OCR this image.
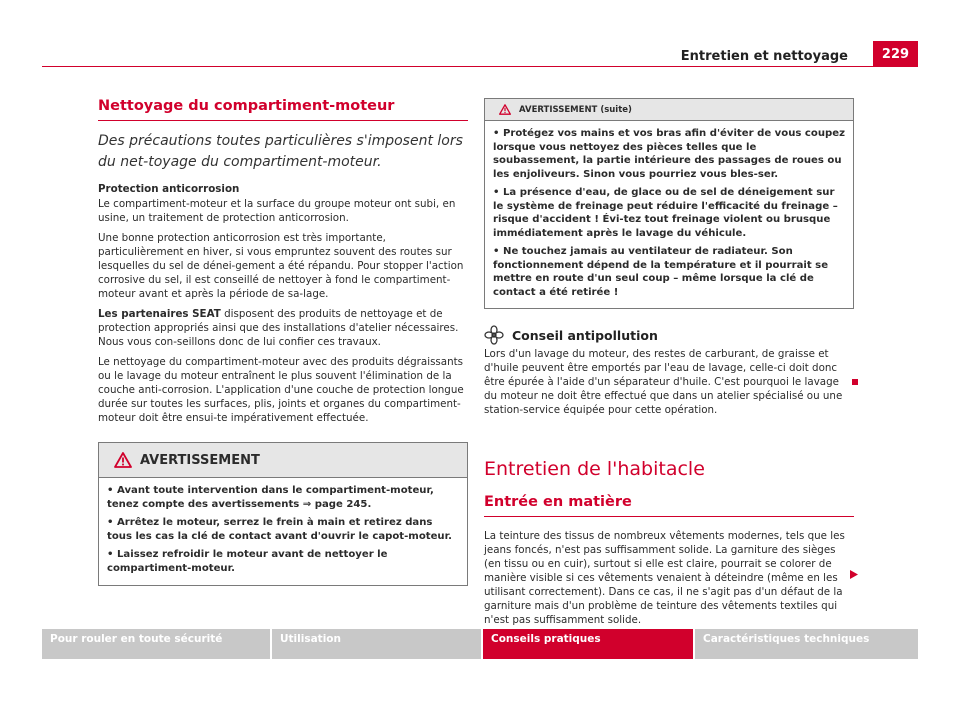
Entretien et nettoyage	229
Nettoyage du compartiment-moteur

Des précautions toutes particulières s'imposent lors du net-toyage du compartiment-moteur.

Protection anticorrosion

Le compartiment-moteur et la surface du groupe moteur ont subi, en usine, un traitement de protection anticorrosion.

Une bonne protection anticorrosion est très importante, particulièrement en hiver, si vous empruntez souvent des routes sur lesquelles du sel de dénei-gement a été répandu. Pour stopper l'action corrosive du sel, il est conseillé de nettoyer à fond le compartiment-moteur avant et après la période de sa-lage.

Les partenaires SEAT disposent des produits de nettoyage et de protection appropriés ainsi que des installations d'atelier nécessaires. Nous vous con-seillons donc de lui confier ces travaux.

Le nettoyage du compartiment-moteur avec des produits dégraissants ou le lavage du moteur entraînent le plus souvent l'élimination de la couche anti-corrosion. L'application d'une couche de protection longue durée sur toutes les surfaces, plis, joints et organes du compartiment-moteur doit être ensui-te impérativement effectuée.

AVERTISSEMENT
• Avant toute intervention dans le compartiment-moteur, tenez compte des avertissements ⇒ page 245.
• Arrêtez le moteur, serrez le frein à main et retirez dans tous les cas la clé de contact avant d'ouvrir le capot-moteur.
• Laissez refroidir le moteur avant de nettoyer le compartiment-moteur.
AVERTISSEMENT (suite)
• Protégez vos mains et vos bras afin d'éviter de vous coupez lorsque vous nettoyez des pièces telles que le soubassement, la partie intérieure des passages de roues ou les enjoliveurs. Sinon vous pourriez vous bles-ser.
• La présence d'eau, de glace ou de sel de déneigement sur le système de freinage peut réduire l'efficacité du freinage – risque d'accident ! Évi-tez tout freinage violent ou brusque immédiatement après le lavage du véhicule.
• Ne touchez jamais au ventilateur de radiateur. Son fonctionnement dépend de la température et il pourrait se mettre en route d'un seul coup – même lorsque la clé de contact a été retirée !
Conseil antipollution

Lors d'un lavage du moteur, des restes de carburant, de graisse et d'huile peuvent être emportés par l'eau de lavage, celle-ci doit donc être épurée à l'aide d'un séparateur d'huile. C'est pourquoi le lavage du moteur ne doit être effectué que dans un atelier spécialisé ou une station-service équipée pour cette opération.

Entretien de l'habitacle
Entrée en matière

La teinture des tissus de nombreux vêtements modernes, tels que les jeans foncés, n'est pas suffisamment solide. La garniture des sièges (en tissu ou en cuir), surtout si elle est claire, pourrait se colorer de manière visible si ces vêtements venaient à déteindre (même en les utilisant correctement). Dans ce cas, il ne s'agit pas d'un défaut de la garniture mais d'un problème de teinture des vêtements textiles qui n'est pas suffisamment solide.

Pour rouler en toute sécurité	Utilisation	Conseils pratiques	Caractéristiques techniques
